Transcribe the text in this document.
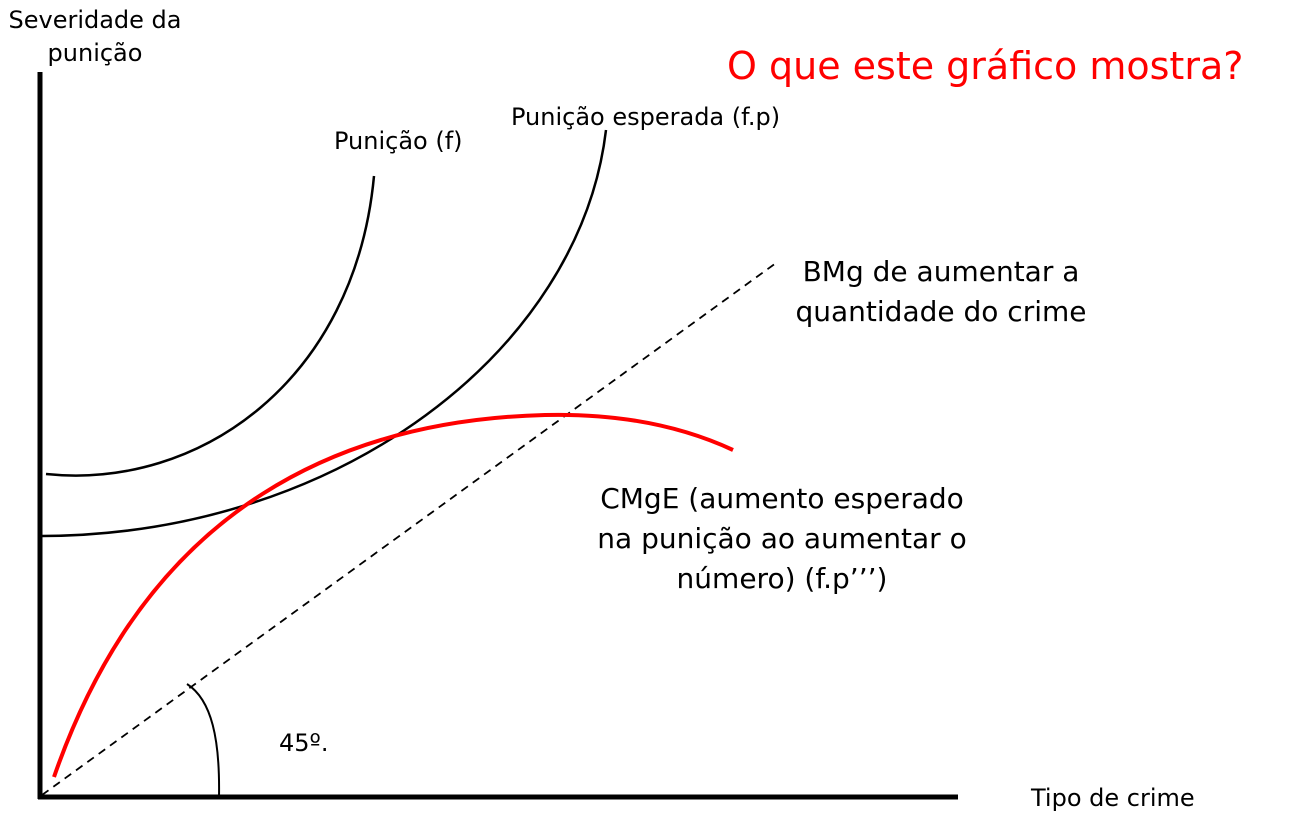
Severidade da
punição	O que este gráfico mostra?
Punição (f)
Punição esperada (f.p)
BMg de aumentar a
quantidade do crime
CMgE (aumento esperado
na punição ao aumentar o
número) (f.p’’’)
45º.
Tipo de crime
